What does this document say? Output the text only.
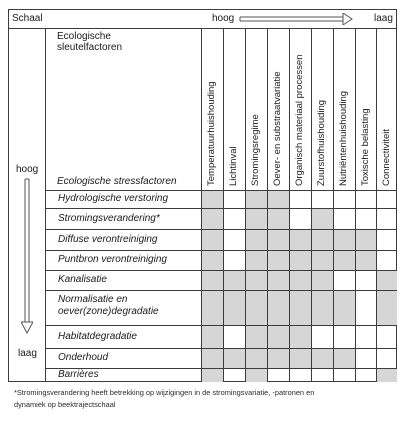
Schaal	hoog	laag
Ecologische
sleutelfactoren
Ecologische stressfactoren
hoog
laag
Temperatuurhuishouding Lichtinval Stromingsregime Oever- en substraatvariatie Organisch materiaal processen Zuurstofhuishouding Nutriëntenhuishouding Toxische belasting Connectiviteit
Hydrologische verstoring
Stromingsverandering*
Diffuse verontreiniging
Puntbron verontreiniging
Kanalisatie
Normalisatie en
oever(zone)degradatie
Habitatdegradatie
Onderhoud
Barrières
*Stromingsverandering heeft betrekking op wijzigingen in de stromingsvariatie, -patronen en
dynamiek op beektrajectschaal
